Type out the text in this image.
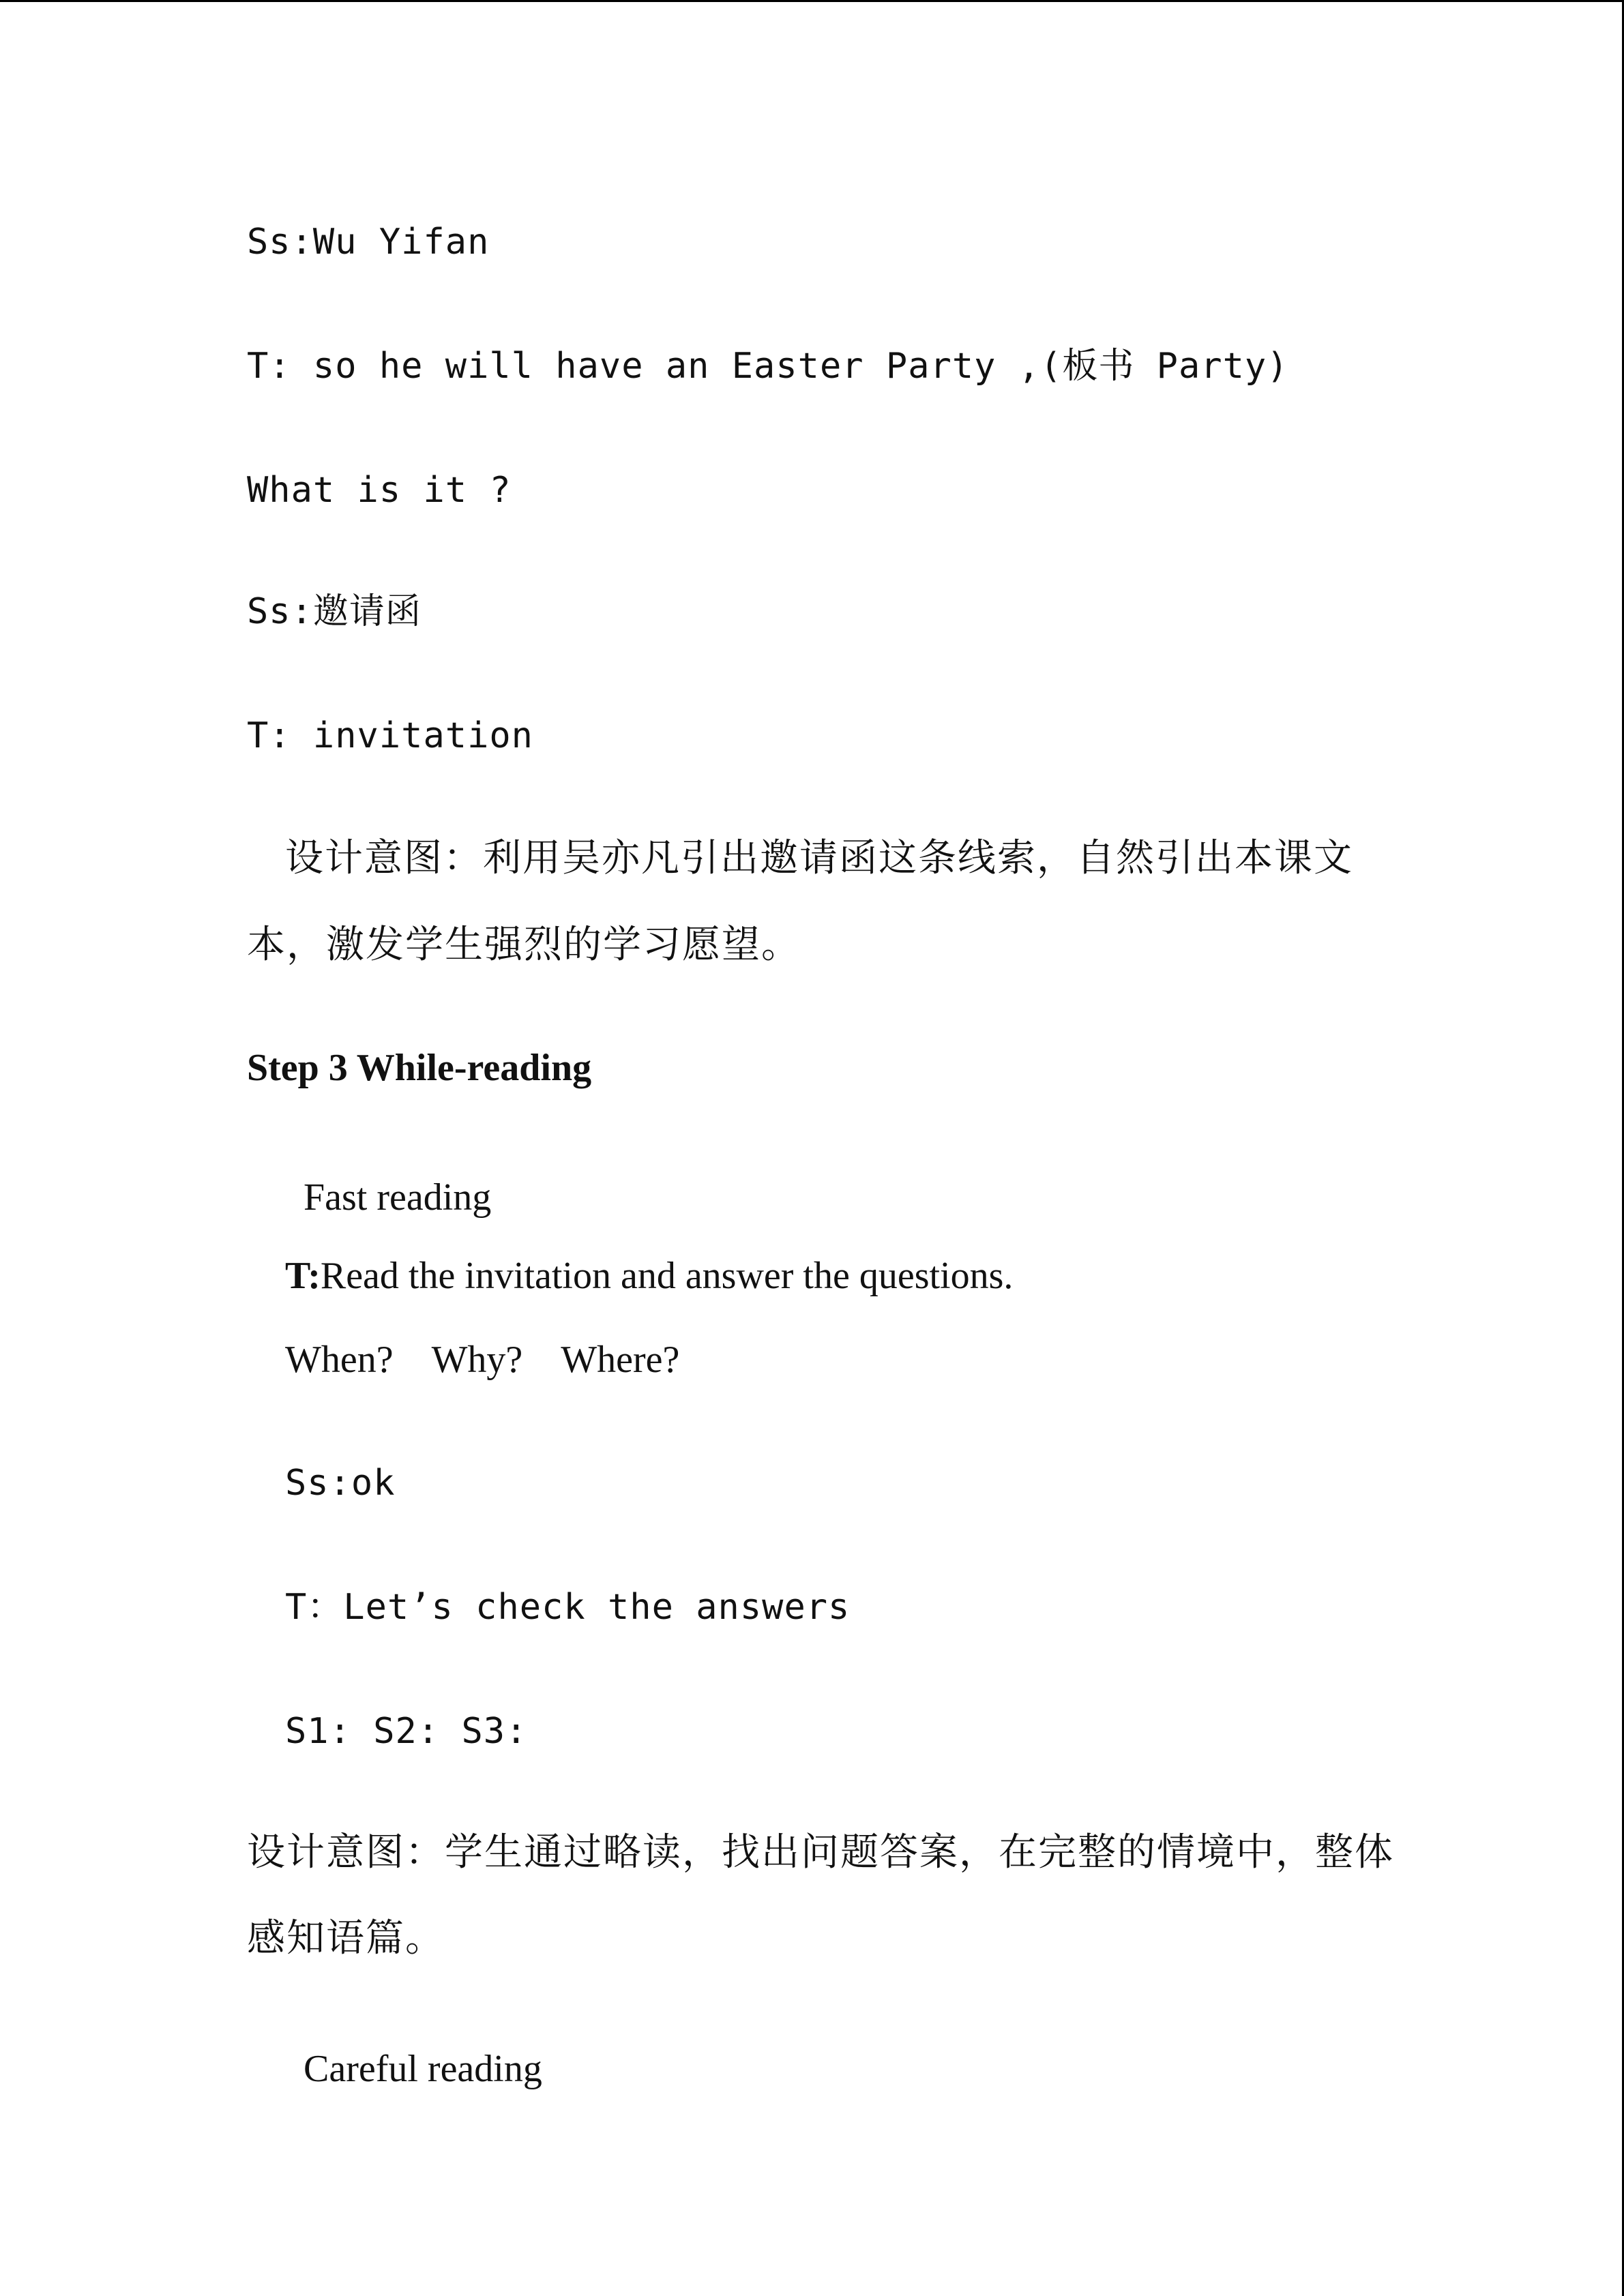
Ss:Wu Yifan
T: so he will have an Easter Party ,(板书 Party)
What is it ?
Ss:邀请函
T: invitation
设计意图：利用吴亦凡引出邀请函这条线索，自然引出本课文
本，激发学生强烈的学习愿望。
Step 3 While-reading
Fast reading
T:Read the invitation and answer the questions.
When? Why? Where?
Ss:ok
T：Let’s check the answers
S1: S2: S3:
设计意图：学生通过略读，找出问题答案，在完整的情境中，整体
感知语篇。
Careful reading
